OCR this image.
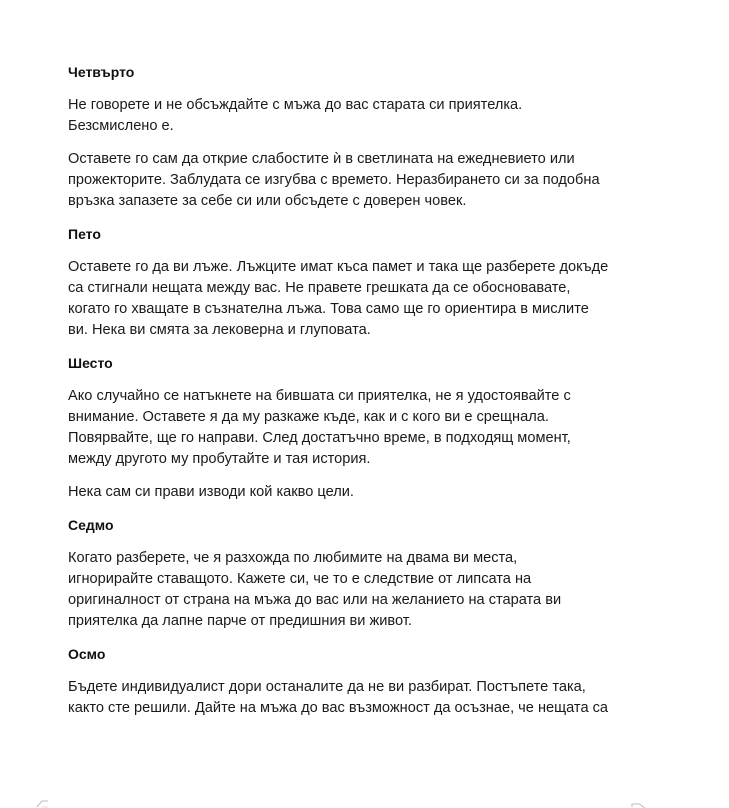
Четвърто
Не говорете и не обсъждайте с мъжа до вас старата си приятелка.
Безсмислено е.
Оставете го сам да открие слабостите ѝ в светлината на ежедневието или
прожекторите. Заблудата се изгубва с времето. Неразбирането си за подобна
връзка запазете за себе си или обсъдете с доверен човек.
Пето
Оставете го да ви лъже. Лъжците имат къса памет и така ще разберете докъде
са стигнали нещата между вас. Не правете грешката да се обосновавате,
когато го хващате в съзнателна лъжа. Това само ще го ориентира в мислите
ви. Нека ви смята за лековерна и глуповата.
Шесто
Ако случайно се натъкнете на бившата си приятелка, не я удостоявайте с
внимание. Оставете я да му разкаже къде, как и с кого ви е срещнала.
Повярвайте, ще го направи. След достатъчно време, в подходящ момент,
между другото му пробутайте и тая история.
Нека сам си прави изводи кой какво цели.
Седмо
Когато разберете, че я разхожда по любимите на двама ви места,
игнорирайте ставащото. Кажете си, че то е следствие от липсата на
оригиналност от страна на мъжа до вас или на желанието на старата ви
приятелка да лапне парче от предишния ви живот.
Осмо
Бъдете индивидуалист дори останалите да не ви разбират. Постъпете така,
както сте решили. Дайте на мъжа до вас възможност да осъзнае, че нещата са
